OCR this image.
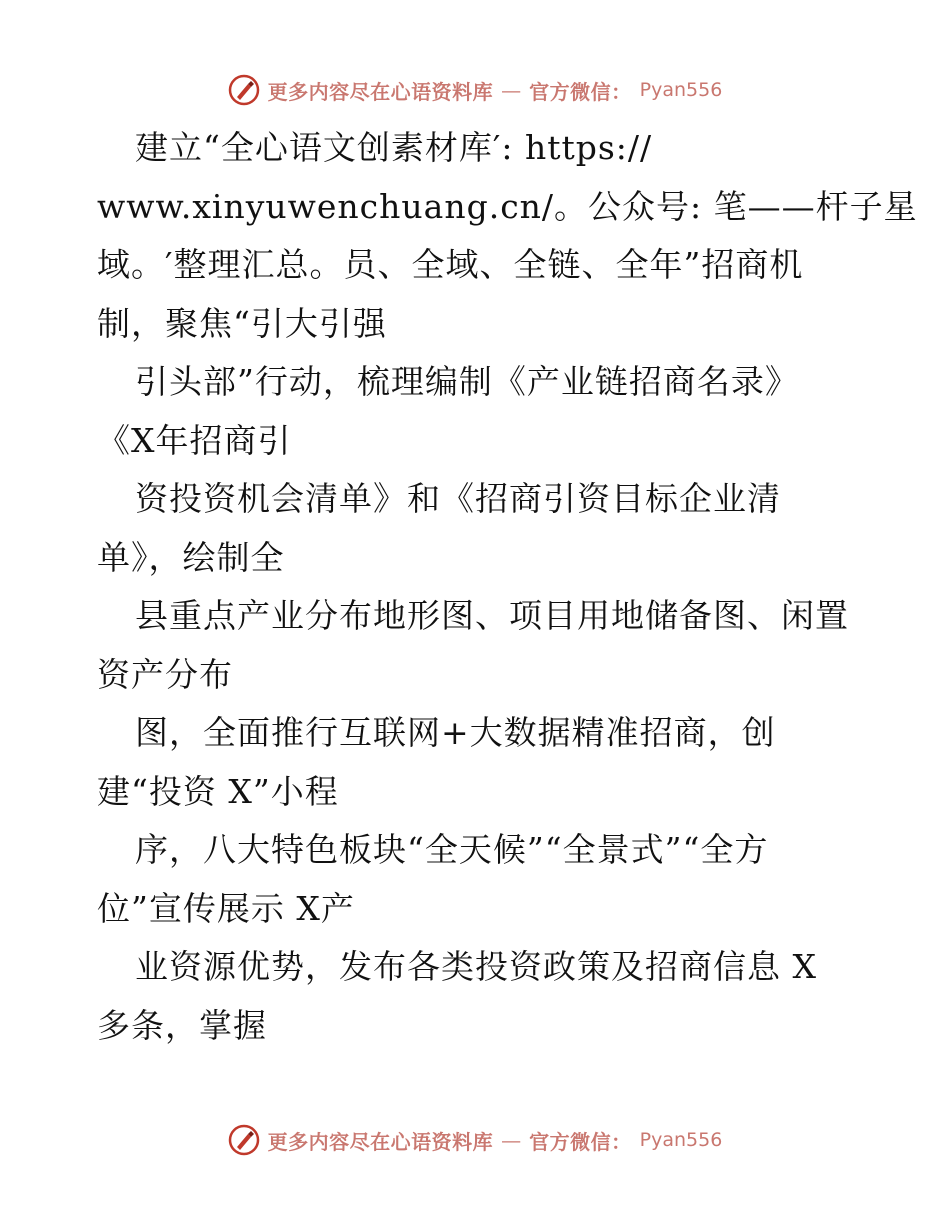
更多内容尽在心语资料库 — 官方微信： Pyan556
建立“全心语文创素材库′: https://
www.xinyuwenchuang.cn/。公众号: 笔——杆子星
域。′整理汇总。员、全域、全链、全年”招商机
制，聚焦“引大引强
引头部”行动，梳理编制《产业链招商名录》
《X年招商引
资投资机会清单》和《招商引资目标企业清
单》，绘制全
县重点产业分布地形图、项目用地储备图、闲置
资产分布
图，全面推行互联网+大数据精准招商，创
建“投资 X”小程
序，八大特色板块“全天候”“全景式”“全方
位”宣传展示 X产
业资源优势，发布各类投资政策及招商信息 X
多条，掌握
更多内容尽在心语资料库 — 官方微信： Pyan556
